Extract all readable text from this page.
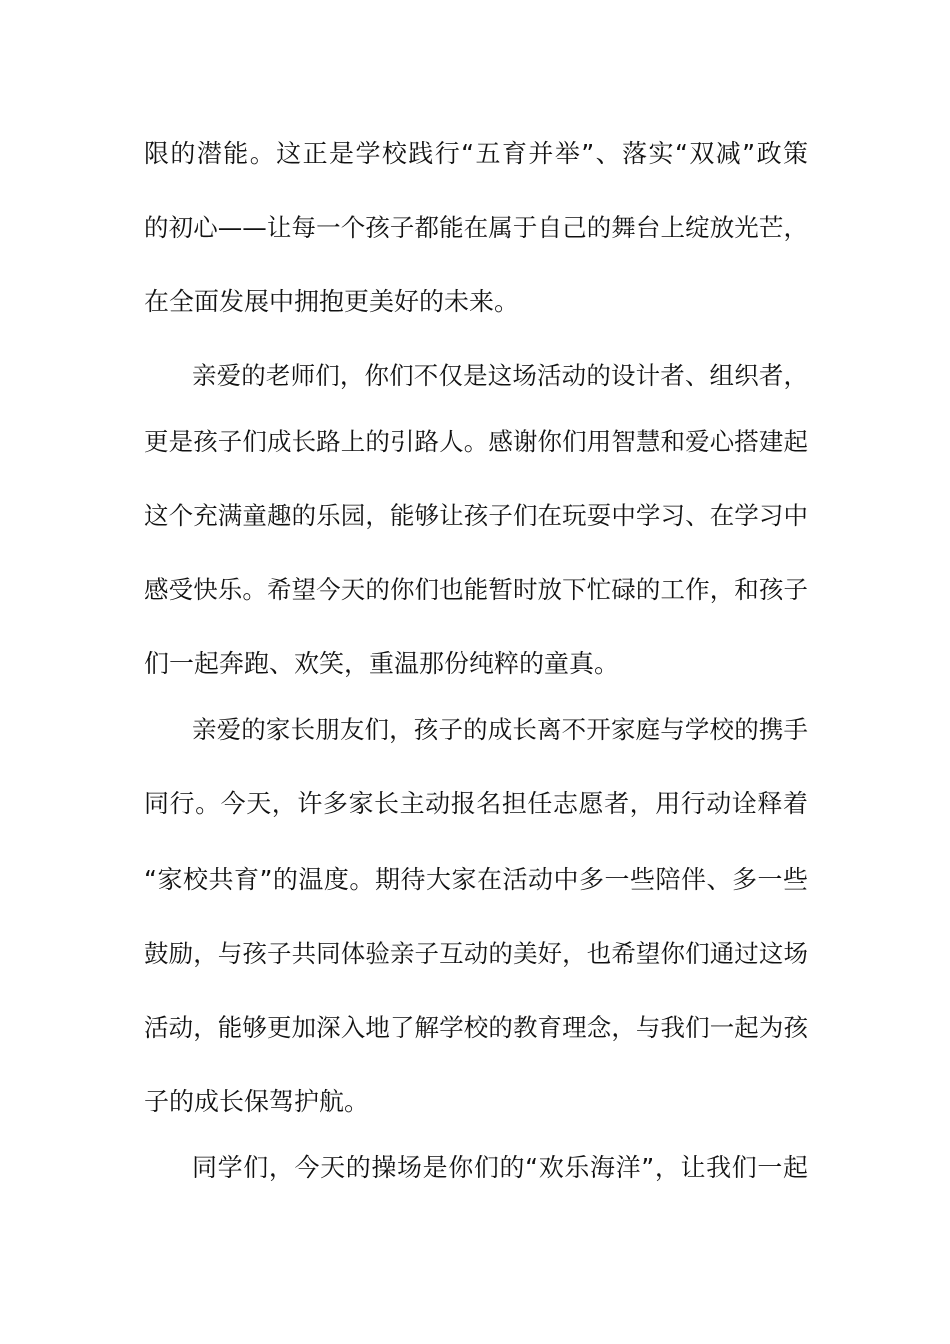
限的潜能。这正是学校践行“五育并举”、落实“双减”政策
的初心——让每一个孩子都能在属于自己的舞台上绽放光芒，
在全面发展中拥抱更美好的未来。
亲爱的老师们，你们不仅是这场活动的设计者、组织者，
更是孩子们成长路上的引路人。感谢你们用智慧和爱心搭建起
这个充满童趣的乐园，能够让孩子们在玩耍中学习、在学习中
感受快乐。希望今天的你们也能暂时放下忙碌的工作，和孩子
们一起奔跑、欢笑，重温那份纯粹的童真。
亲爱的家长朋友们，孩子的成长离不开家庭与学校的携手
同行。今天，许多家长主动报名担任志愿者，用行动诠释着
“家校共育”的温度。期待大家在活动中多一些陪伴、多一些
鼓励，与孩子共同体验亲子互动的美好，也希望你们通过这场
活动，能够更加深入地了解学校的教育理念，与我们一起为孩
子的成长保驾护航。
同学们，今天的操场是你们的“欢乐海洋”，让我们一起
